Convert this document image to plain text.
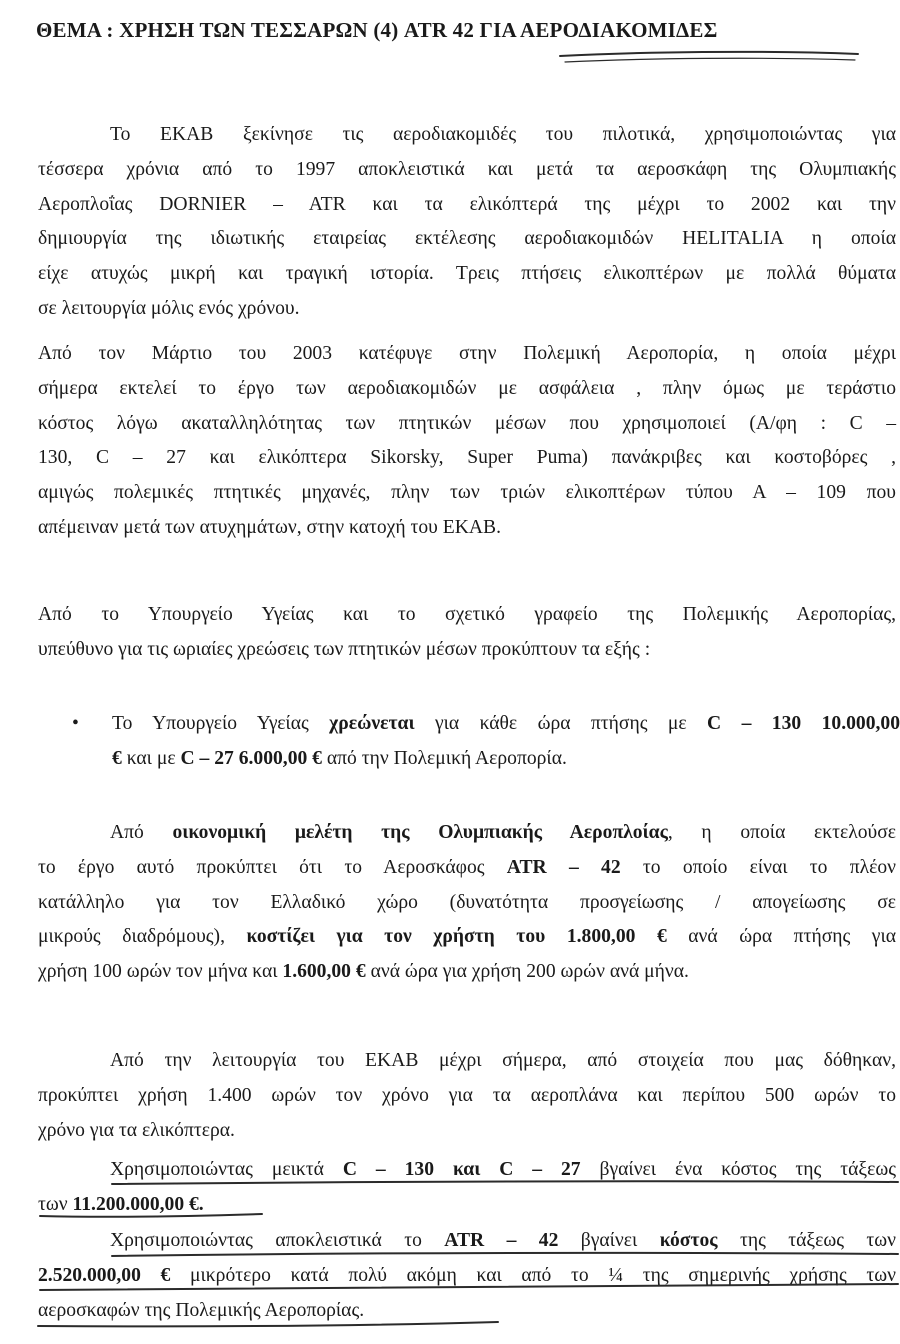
ΘΕΜΑ : ΧΡΗΣΗ ΤΩΝ ΤΕΣΣΑΡΩΝ (4) ATR 42 ΓΙΑ ΑΕΡΟΔΙΑΚΟΜΙΔΕΣ
Το ΕΚΑΒ ξεκίνησε τις αεροδιακομιδές του πιλοτικά, χρησιμοποιώντας για
τέσσερα χρόνια από το 1997 αποκλειστικά και μετά τα αεροσκάφη της Ολυμπιακής
Αεροπλοΐας DORNIER – ATR και τα ελικόπτερά της μέχρι το 2002 και την
δημιουργία της ιδιωτικής εταιρείας εκτέλεσης αεροδιακομιδών HELITALIA η οποία
είχε ατυχώς μικρή και τραγική ιστορία. Τρεις πτήσεις ελικοπτέρων με πολλά θύματα
σε λειτουργία μόλις ενός χρόνου.
Από τον Μάρτιο του 2003 κατέφυγε στην Πολεμική Αεροπορία, η οποία μέχρι
σήμερα εκτελεί το έργο των αεροδιακομιδών με ασφάλεια , πλην όμως με τεράστιο
κόστος λόγω ακαταλληλότητας των πτητικών μέσων που χρησιμοποιεί (Α/φη : C –
130, C – 27 και ελικόπτερα Sikorsky, Super Puma) πανάκριβες και κοστοβόρες ,
αμιγώς πολεμικές πτητικές μηχανές, πλην των τριών ελικοπτέρων τύπου Α – 109 που
απέμειναν μετά των ατυχημάτων, στην κατοχή του ΕΚΑΒ.
Από το Υπουργείο Υγείας και το σχετικό γραφείο της Πολεμικής Αεροπορίας,
υπεύθυνο για τις ωριαίες χρεώσεις των πτητικών μέσων προκύπτουν τα εξής :
• Το Υπουργείο Υγείας χρεώνεται για κάθε ώρα πτήσης με C – 130 10.000,00
€ και με C – 27 6.000,00 € από την Πολεμική Αεροπορία.
Από οικονομική μελέτη της Ολυμπιακής Αεροπλοίας, η οποία εκτελούσε
το έργο αυτό προκύπτει ότι το Αεροσκάφος ATR – 42 το οποίο είναι το πλέον
κατάλληλο για τον Ελλαδικό χώρο (δυνατότητα προσγείωσης / απογείωσης σε
μικρούς διαδρόμους), κοστίζει για τον χρήστη του 1.800,00 € ανά ώρα πτήσης για
χρήση 100 ωρών τον μήνα και 1.600,00 € ανά ώρα για χρήση 200 ωρών ανά μήνα.
Από την λειτουργία του ΕΚΑΒ μέχρι σήμερα, από στοιχεία που μας δόθηκαν,
προκύπτει χρήση 1.400 ωρών τον χρόνο για τα αεροπλάνα και περίπου 500 ωρών το
χρόνο για τα ελικόπτερα.
Χρησιμοποιώντας μεικτά C – 130 και C – 27 βγαίνει ένα κόστος της τάξεως
των 11.200.000,00 €.
Χρησιμοποιώντας αποκλειστικά το ATR – 42 βγαίνει κόστος της τάξεως των
2.520.000,00 € μικρότερο κατά πολύ ακόμη και από το ¼ της σημερινής χρήσης των
αεροσκαφών της Πολεμικής Αεροπορίας.
